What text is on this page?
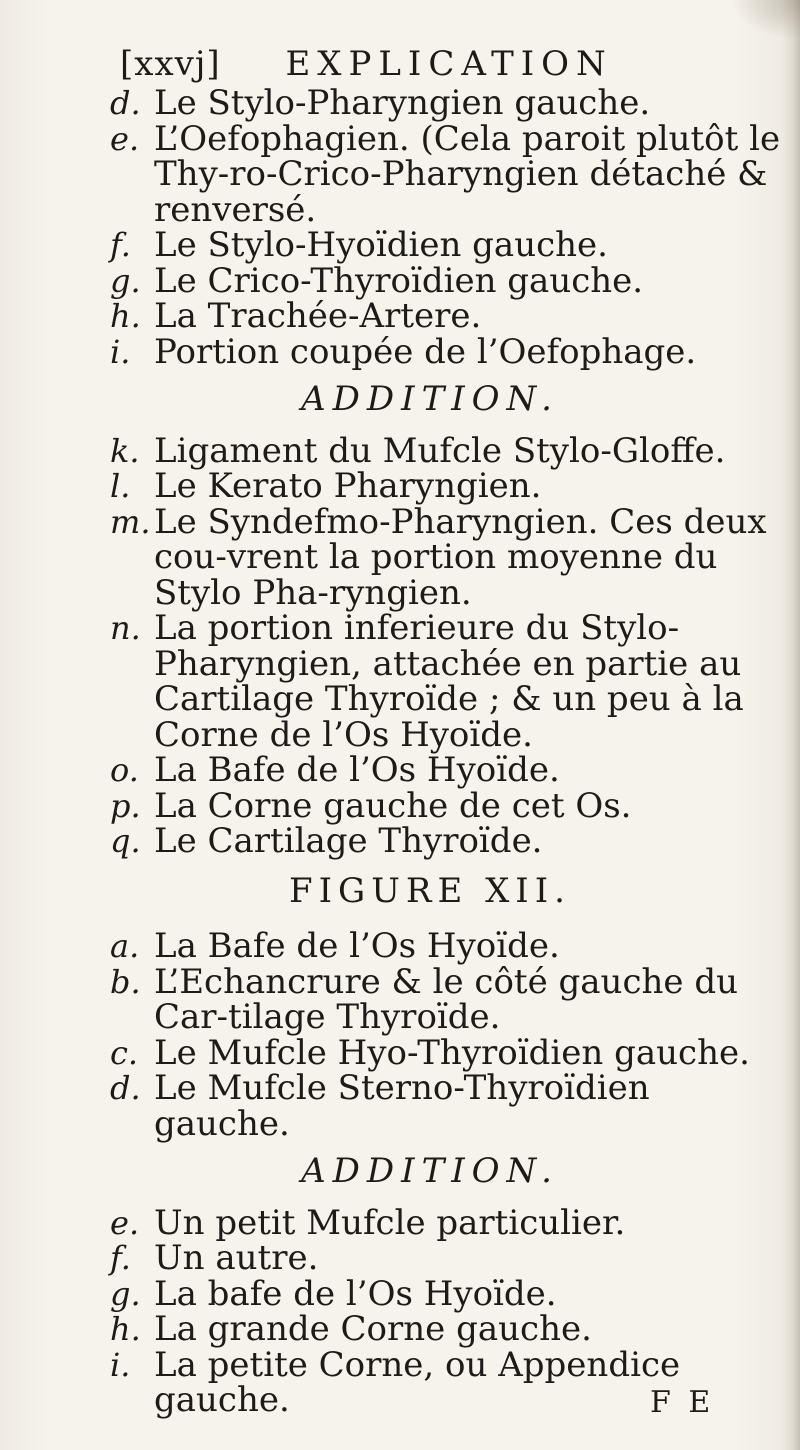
[xxvj] EXPLICATION

d. Le Stylo-Pharyngien gauche.

e. L’Oefophagien. (Cela paroit plutôt le Thy-ro-Crico-Pharyngien détaché & renversé.

f. Le Stylo-Hyoïdien gauche.

g. Le Crico-Thyroïdien gauche.

h. La Trachée-Artere.

i. Portion coupée de l’Oefophage.

ADDITION.

k. Ligament du Mufcle Stylo-Gloffe.

l. Le Kerato Pharyngien.

m. Le Syndefmo-Pharyngien. Ces deux cou-vrent la portion moyenne du Stylo Pha-ryngien.

n. La portion inferieure du Stylo-Pharyngien, attachée en partie au Cartilage Thyroïde ; & un peu à la Corne de l’Os Hyoïde.

o. La Bafe de l’Os Hyoïde.

p. La Corne gauche de cet Os.

q. Le Cartilage Thyroïde.

FIGURE XII.

a. La Bafe de l’Os Hyoïde.

b. L’Echancrure & le côté gauche du Car-tilage Thyroïde.

c. Le Mufcle Hyo-Thyroïdien gauche.

d. Le Mufcle Sterno-Thyroïdien gauche.

ADDITION.

e. Un petit Mufcle particulier.

f. Un autre.

g. La bafe de l’Os Hyoïde.

h. La grande Corne gauche.

i. La petite Corne, ou Appendice gauche.	F E
